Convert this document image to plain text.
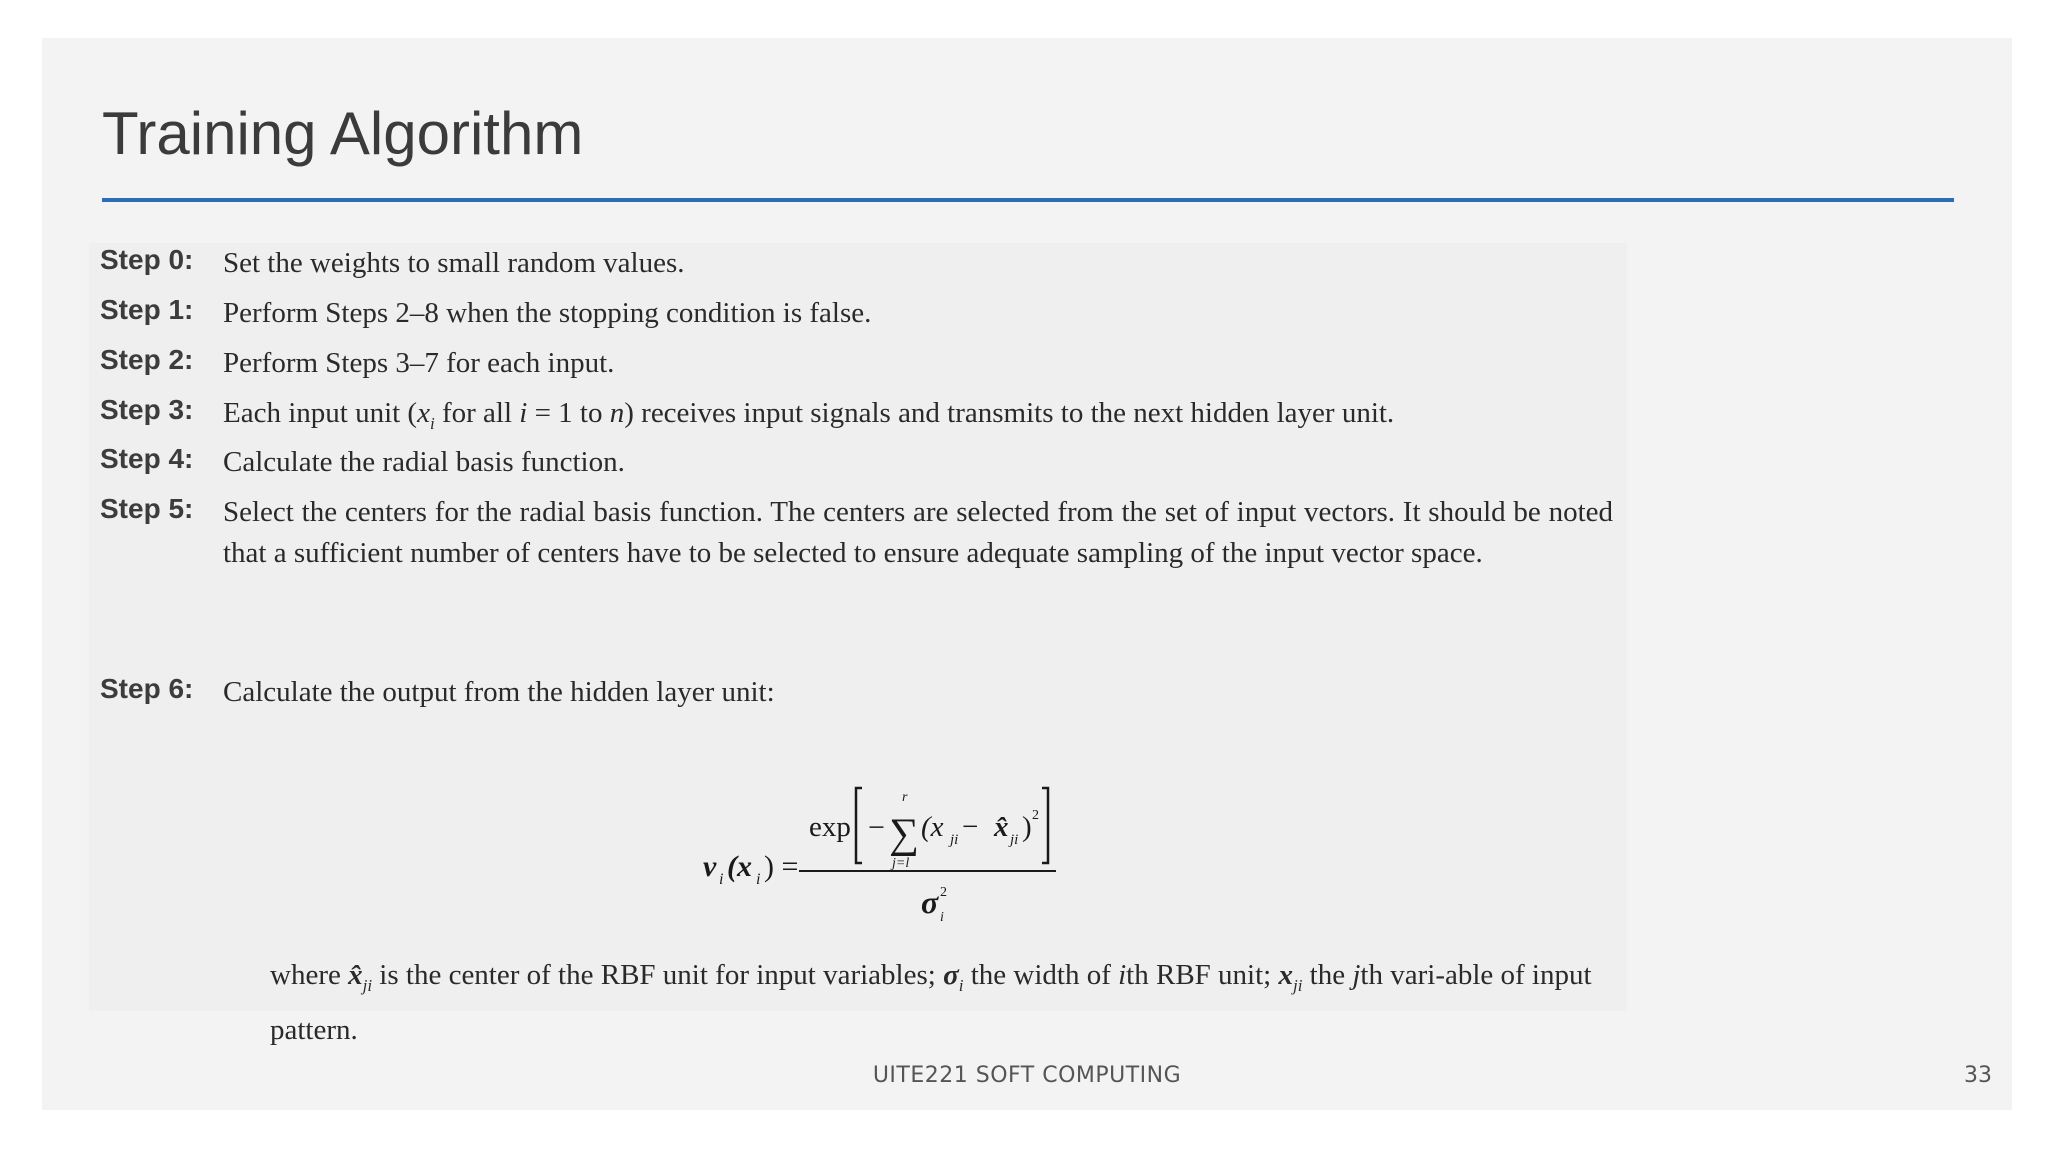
Training Algorithm
Step 0: Set the weights to small random values.
Step 1: Perform Steps 2–8 when the stopping condition is false.
Step 2: Perform Steps 3–7 for each input.
Step 3: Each input unit ($x_i$ for all i = 1 to n) receives input signals and transmits to the next hidden layer unit.
Step 4: Calculate the radial basis function.
Step 5: Select the centers for the radial basis function. The centers are selected from the set of input vectors. It should be noted that a sufficient number of centers have to be selected to ensure adequate sampling of the input vector space.
Step 6: Calculate the output from the hidden layer unit:
v i (x i ) =
exp − ∑
r
j=l
(x ji − x̂ ji ) 2
σ 2
i
where $x̂_{ji}$ is the center of the RBF unit for input variables; $\sigma_i$ the width of ith RBF unit; $x_{ji}$ the jth vari-able of input pattern.
UITE221 SOFT COMPUTING	33
